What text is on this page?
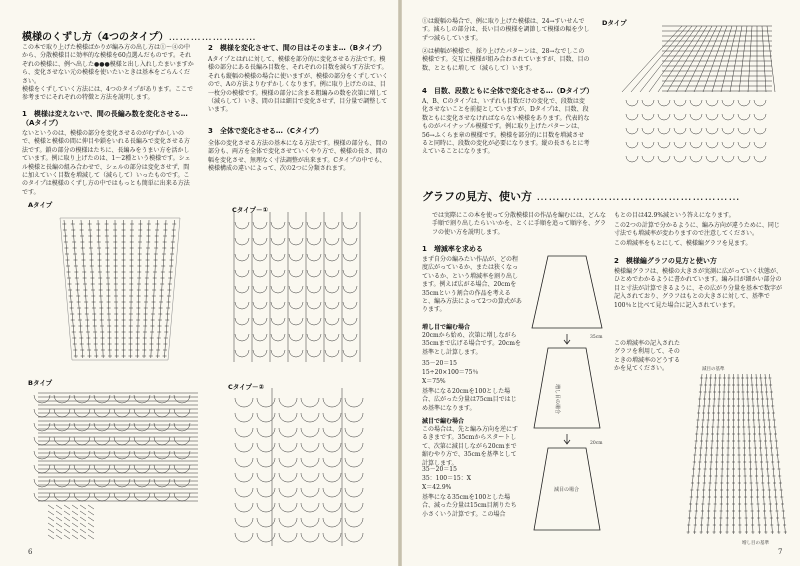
模様のくずし方（4つのタイプ）……………………
この本で取り上げた模様ばかりが編み方の出し方は①〜④の中から、分散模様目に効率的な模様を60点選んだものです。それぞれの模様に、例へ出した●●●模様と出し入れしたまいますから、変化させない元の模様を使いたいときは基本をごらんください。
模様をくずしていく方法には、4つのタイプがあります。ここで参考までにそれぞれの特徴と方法を説明します。
1　模様は変えないで、間の長編み数を変化させる…（Aタイプ）
ないというのは、模様の部分を変化させるのがむずかしいので、模様と模様の間に伸目や鎖をいれる長編みで変化させる方法です。鎖の部分の模様はたちに、長編みをうまい方を活かしています。例に取り上げたのは、1〜2種という模様です。シェル模様と長編の組み合わせで、シェルの部分は変化させず、間に加えていく目数を増減して（減らして）いったものです。このタイプは模様のくずし方の中ではもっとも簡単に出来る方法です。
2　模様を変化させて、間の目はそのまま…（Bタイプ）
Aタイプとはれに対して、模様を部分的に変化させる方法です。模様の部分にある長編み目数を、それぞれの目数を減らす方法です。それも縦幅の模様の場合に使いますが、模様の部分をくずしていくので、Aの方法よりむずかしくなります。例に取り上げたのは、目一枚分の模様です。模様の部分に含まる粗編みの数を次第に増して（減らして）いき、間の目は細目で変化させず、目分量で調整しています。
3　全体で変化させる…（Cタイプ）
全体の変化させる方法の基本になる方法です。模様の部分も、間の部分も、両方を全体で変化させていくやり方で、模様の長さ、間の幅を変化させ、無理なく寸法調整が出来ます。Cタイプの中でも、模様構成の違いによって、次の2つに分類されます。
Aタイプ
Bタイプ
Cタイプ－①
Cタイプ－②
6
①は縦幅の場合で、例に取り上げた模様は、24→すいせんです。減らしの部分は、長い目の模様を調節して模様の幅を少しずつ減らしています。
②は横幅が模様で、採り上げたパターンは、28→なでしこの模様です。交互に模様が組み合わされていますが、目数、目の数、とともに増して（減らして）います。
4　目数、段数ともに全体で変化させる…（Dタイプ）
A、B、Cのタイプは、いずれも目数だけの変化で、段数は変化させないことを前提としていますが、Dタイプは、目数、段数ともに変化させなければならない模様をあります。代表的なものがパイナップル模様です。例に取り上げたパターンは、56→ふくらま章の模様です。模様を部分的に目数を増減させると同時に、段数の変化が必要になります。縦の長さもとに考えていることになります。
Dタイプ
グラフの見方、使い方 ……………………………………………
では実際にこの本を使って分散模様目の作品を編むには、どんな手順で割り出したらいいかを、とくに手順を追って順序を、グラフの使い方を説明します。
1　増減率を求める
まず自分の編みたい作品が、どの程度広がっているか、または狭くなっているか、という増減率を割り出します。例えば広がる場合、20cmを35cmという割合の作品を考えると、編み方法によって2つの算式があります。
増し目で編む場合
20cmから始め、次第に増しながら35cmまで広げる場合です。20cmを基準とし計算します。
35－20＝15
15÷20×100＝75％
X＝75%
基準になる20cmを100とした場合、広がった分量は75cm目ではじめ基準になります。
減目で編む場合
この場合は、先と編み方向を逆にするきまです。35cmからスタートして、次第に減目しながら20cmまで縮むやり方で、35cmを基準として計算します。
35－20＝15
35：100＝15：X
X＝42.9%
基準になる35cmを100とした場合、減った分量は15cm目割りたち小さくいう計算です。この場合
増し目の場合
減目の場合
35cm
20cm
もとの目は42.9%減という答えになります。
この2つの計算で分かるように、編み方向が違うために、同じ寸法でも増減率が変わりますので注意してください。
この増減率をもとにして、模様編グラフを見ます。
2　模様編グラフの見方と使い方
模様編グラフは、模様の大きさが実測に広がっていく状態が、ひとめでわかるように書かれています。編み目が細かい部分の目と寸法が計算できるように、その広がり分量を基本で数字が記入されており、グラフはもとの大きさに対して、基準で100％と比べて見た場合に記入されています。
この増減率の記入されたグラフを利用して、そのときの増減率のどうするかを見てください。	減目の基準
増し目の基準
7
